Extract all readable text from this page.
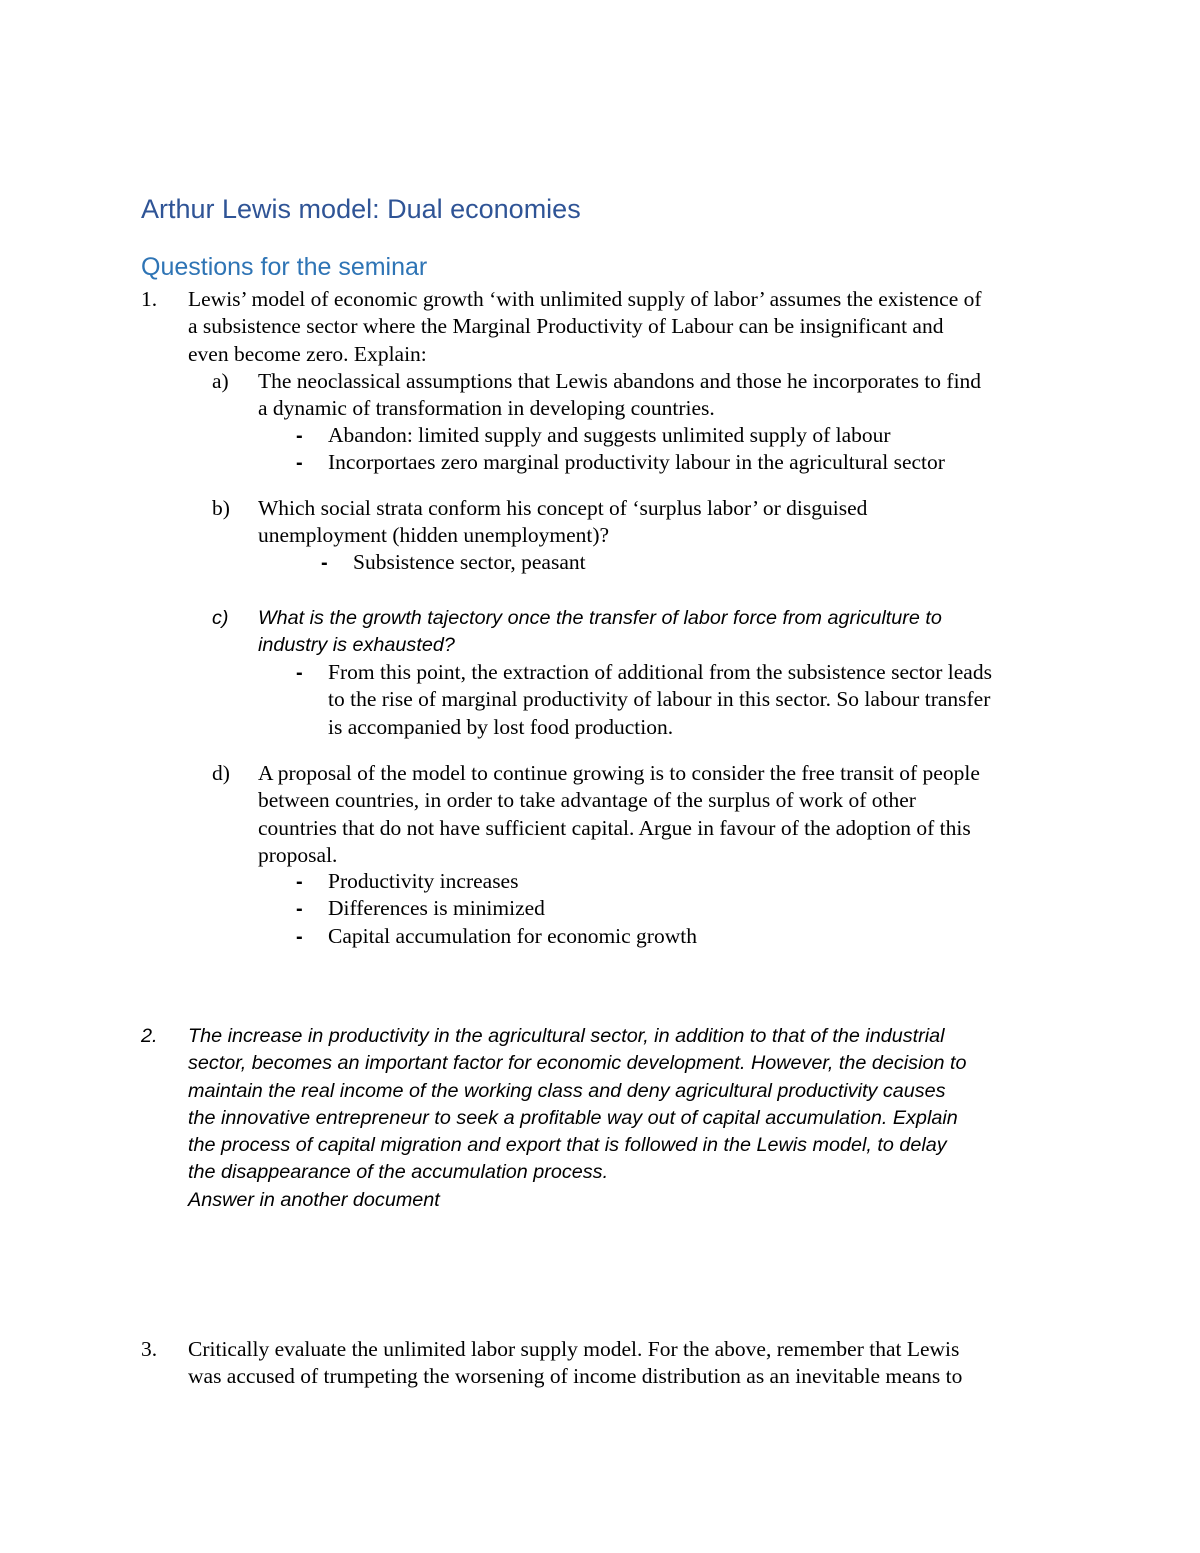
Arthur Lewis model: Dual economies
Questions for the seminar
1. Lewis’ model of economic growth ‘with unlimited supply of labor’ assumes the existence of
a subsistence sector where the Marginal Productivity of Labour can be insignificant and
even become zero. Explain:
a) The neoclassical assumptions that Lewis abandons and those he incorporates to find
a dynamic of transformation in developing countries.
- Abandon: limited supply and suggests unlimited supply of labour
- Incorportaes zero marginal productivity labour in the agricultural sector
b) Which social strata conform his concept of ‘surplus labor’ or disguised
unemployment (hidden unemployment)?
- Subsistence sector, peasant
c) What is the growth tajectory once the transfer of labor force from agriculture to
industry is exhausted?
- From this point, the extraction of additional from the subsistence sector leads
to the rise of marginal productivity of labour in this sector. So labour transfer
is accompanied by lost food production.
d) A proposal of the model to continue growing is to consider the free transit of people
between countries, in order to take advantage of the surplus of work of other
countries that do not have sufficient capital. Argue in favour of the adoption of this
proposal.
- Productivity increases
- Differences is minimized
- Capital accumulation for economic growth
2. The increase in productivity in the agricultural sector, in addition to that of the industrial
sector, becomes an important factor for economic development. However, the decision to
maintain the real income of the working class and deny agricultural productivity causes
the innovative entrepreneur to seek a profitable way out of capital accumulation. Explain
the process of capital migration and export that is followed in the Lewis model, to delay
the disappearance of the accumulation process.
Answer in another document
3. Critically evaluate the unlimited labor supply model. For the above, remember that Lewis
was accused of trumpeting the worsening of income distribution as an inevitable means to
